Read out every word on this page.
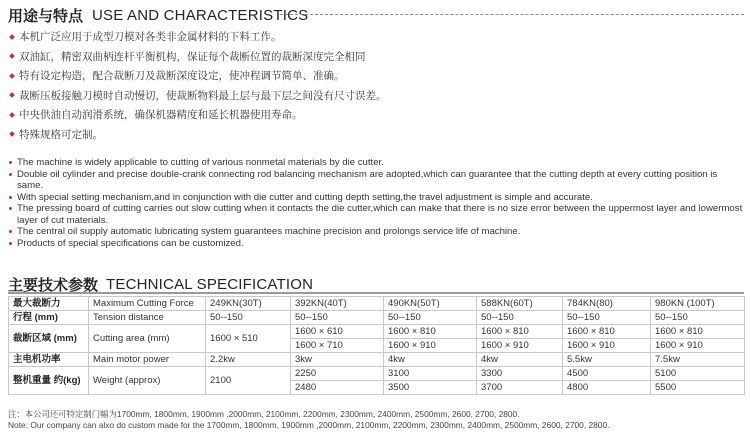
用途与特点 USE AND CHARACTERISTICS
本机广泛应用于成型刀模对各类非金属材料的下料工作。
双油缸，精密双曲柄连杆平衡机构，保证每个裁断位置的裁断深度完全相同
特有设定构造，配合裁断刀及裁断深度设定，使冲程调节简单、准确。
裁断压板接触刀模时自动慢切，使裁断物料最上层与最下层之间没有尺寸误差。
中央供油自动润滑系统，确保机器精度和延长机器使用寿命。
特殊规格可定制。
The machine is widely applicable to cutting of various nonmetal materials by die cutter.
Double oil cylinder and precise double-crank connecting rod balancing mechanism are adopted,which can guarantee that the cutting depth at every cutting position is same.
With special setting mechanism,and in conjunction with die cutter and cutting depth setting,the travel adjustment is simple and accurate.
The pressing board of cutting carries out slow cutting when it contacts the die cutter,which can make that there is no size error between the uppermost layer and lowermost layer of cut materials.
The central oil supply automatic lubricating system guarantees machine precision and prolongs service life of machine.
Products of special specifications can be customized.
主要技术参数 TECHNICAL SPECIFICATION
最大裁断力	Maximum Cutting Force	249KN(30T)	392KN(40T)	490KN(50T)	588KN(60T)	784KN(80)	980KN (100T)
行程 (mm)	Tension distance	50--150	50--150	50--150	50--150	50--150	50--150
裁断区域 (mm)	Cutting area (mm)	1600 × 510	1600 × 610	1600 × 810	1600 × 810	1600 × 810	1600 × 810
			1600 × 710	1600 × 910	1600 × 910	1600 × 910	1600 × 910
主电机功率	Main motor power	2.2kw	3kw	4kw	4kw	5.5kw	7.5kw
整机重量 约(kg)	Weight (approx)	2100	2250	3100	3300	4500	5100
			2480	3500	3700	4800	5500
注：本公司还可特定制门幅为1700mm, 1800mm, 1900mm ,2000mm, 2100mm, 2200mm, 2300mm, 2400mm, 2500mm, 2600, 2700, 2800.
Note: Our company can alxo do custom made for the 1700mm, 1800mm, 1900mm ,2000mm, 2100mm, 2200mm, 2300mm, 2400mm, 2500mm, 2600, 2700, 2800.
